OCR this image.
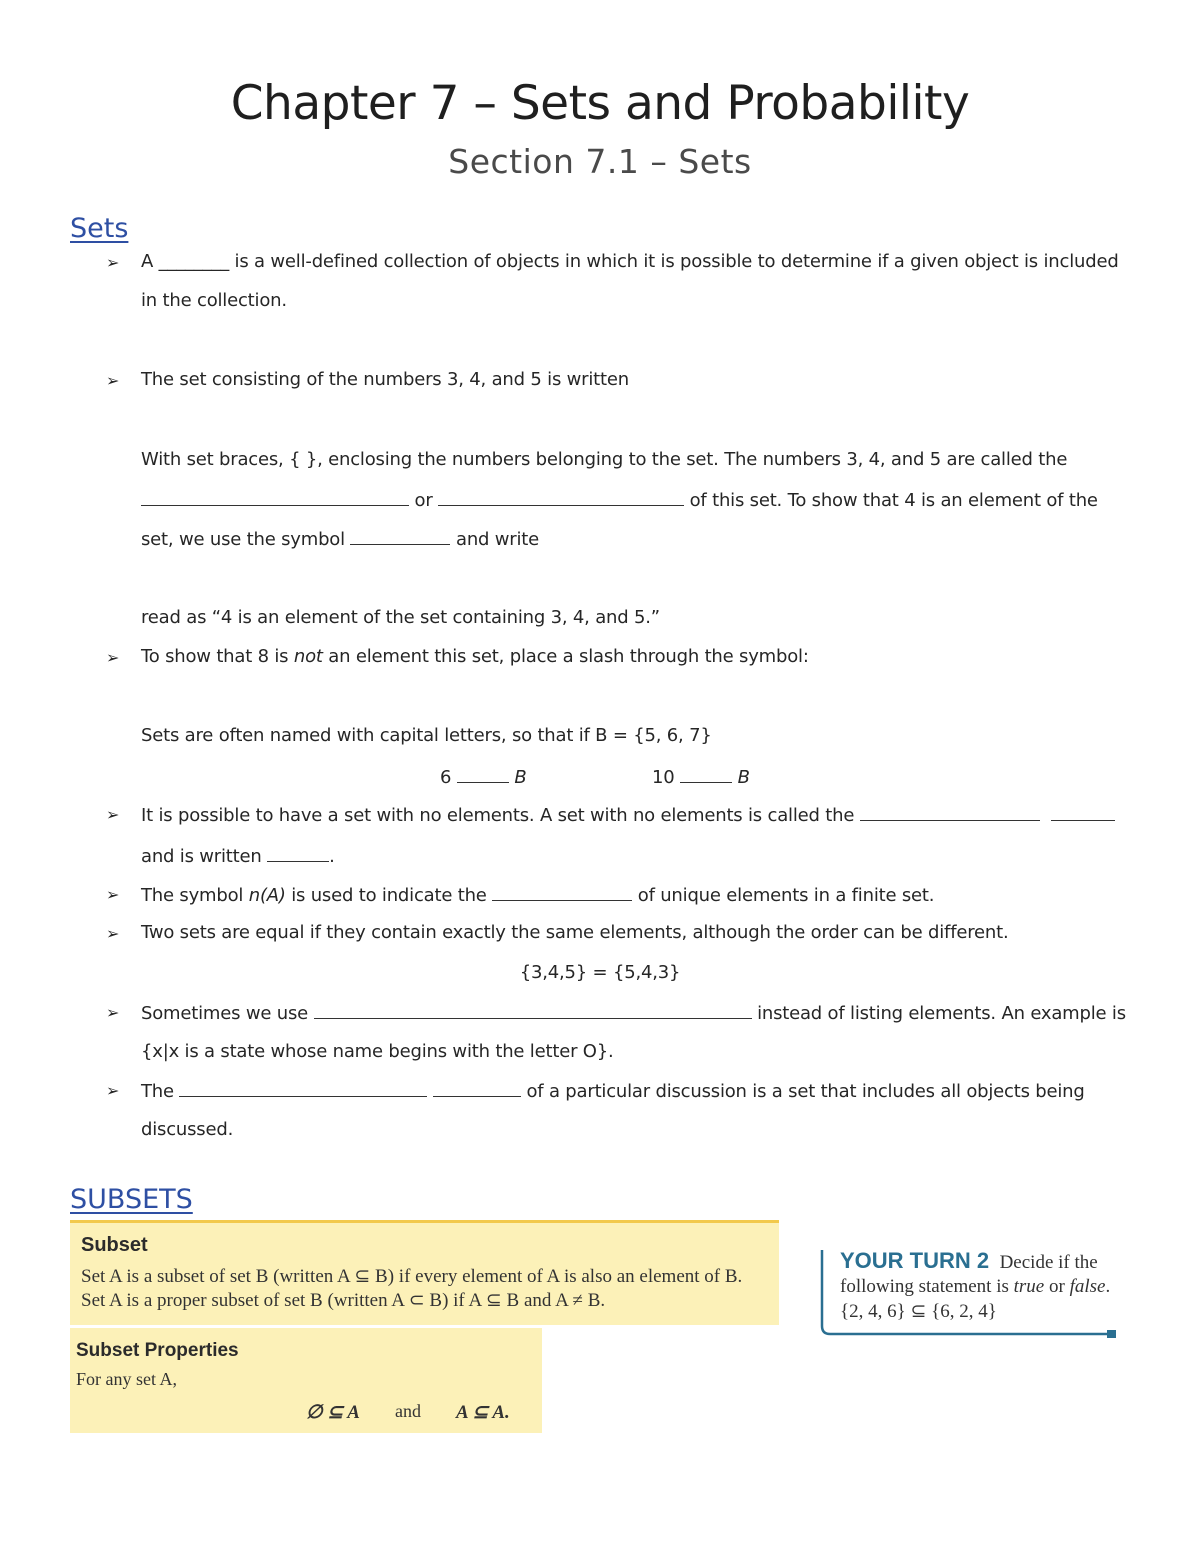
Chapter 7 – Sets and Probability
Section 7.1 – Sets
Sets
➢ A ________ is a well-defined collection of objects in which it is possible to determine if a given object is included
in the collection.
➢ The set consisting of the numbers 3, 4, and 5 is written
With set braces, { }, enclosing the numbers belonging to the set. The numbers 3, 4, and 5 are called the
or	of this set. To show that 4 is an element of the
set, we use the symbol	and write
read as “4 is an element of the set containing 3, 4, and 5.”
➢ To show that 8 is not an element this set, place a slash through the symbol:
Sets are often named with capital letters, so that if B = {5, 6, 7}
6	B	10	B
➢ It is possible to have a set with no elements. A set with no elements is called the
and is written	.
➢ The symbol n(A) is used to indicate the	of unique elements in a finite set.
➢ Two sets are equal if they contain exactly the same elements, although the order can be different.
{3,4,5} = {5,4,3}
➢ Sometimes we use	instead of listing elements. An example is
{x|x is a state whose name begins with the letter O}.
➢ The	of a particular discussion is a set that includes all objects being
discussed.
SUBSETS
Subset
Set A is a subset of set B (written A ⊆ B) if every element of A is also an element of B.
Set A is a proper subset of set B (written A ⊂ B) if A ⊆ B and A ≠ B.
Subset Properties
For any set A,
∅ ⊆ A and A ⊆ A.
YOUR TURN 2 Decide if the
following statement is true or false.
{2, 4, 6} ⊆ {6, 2, 4}
